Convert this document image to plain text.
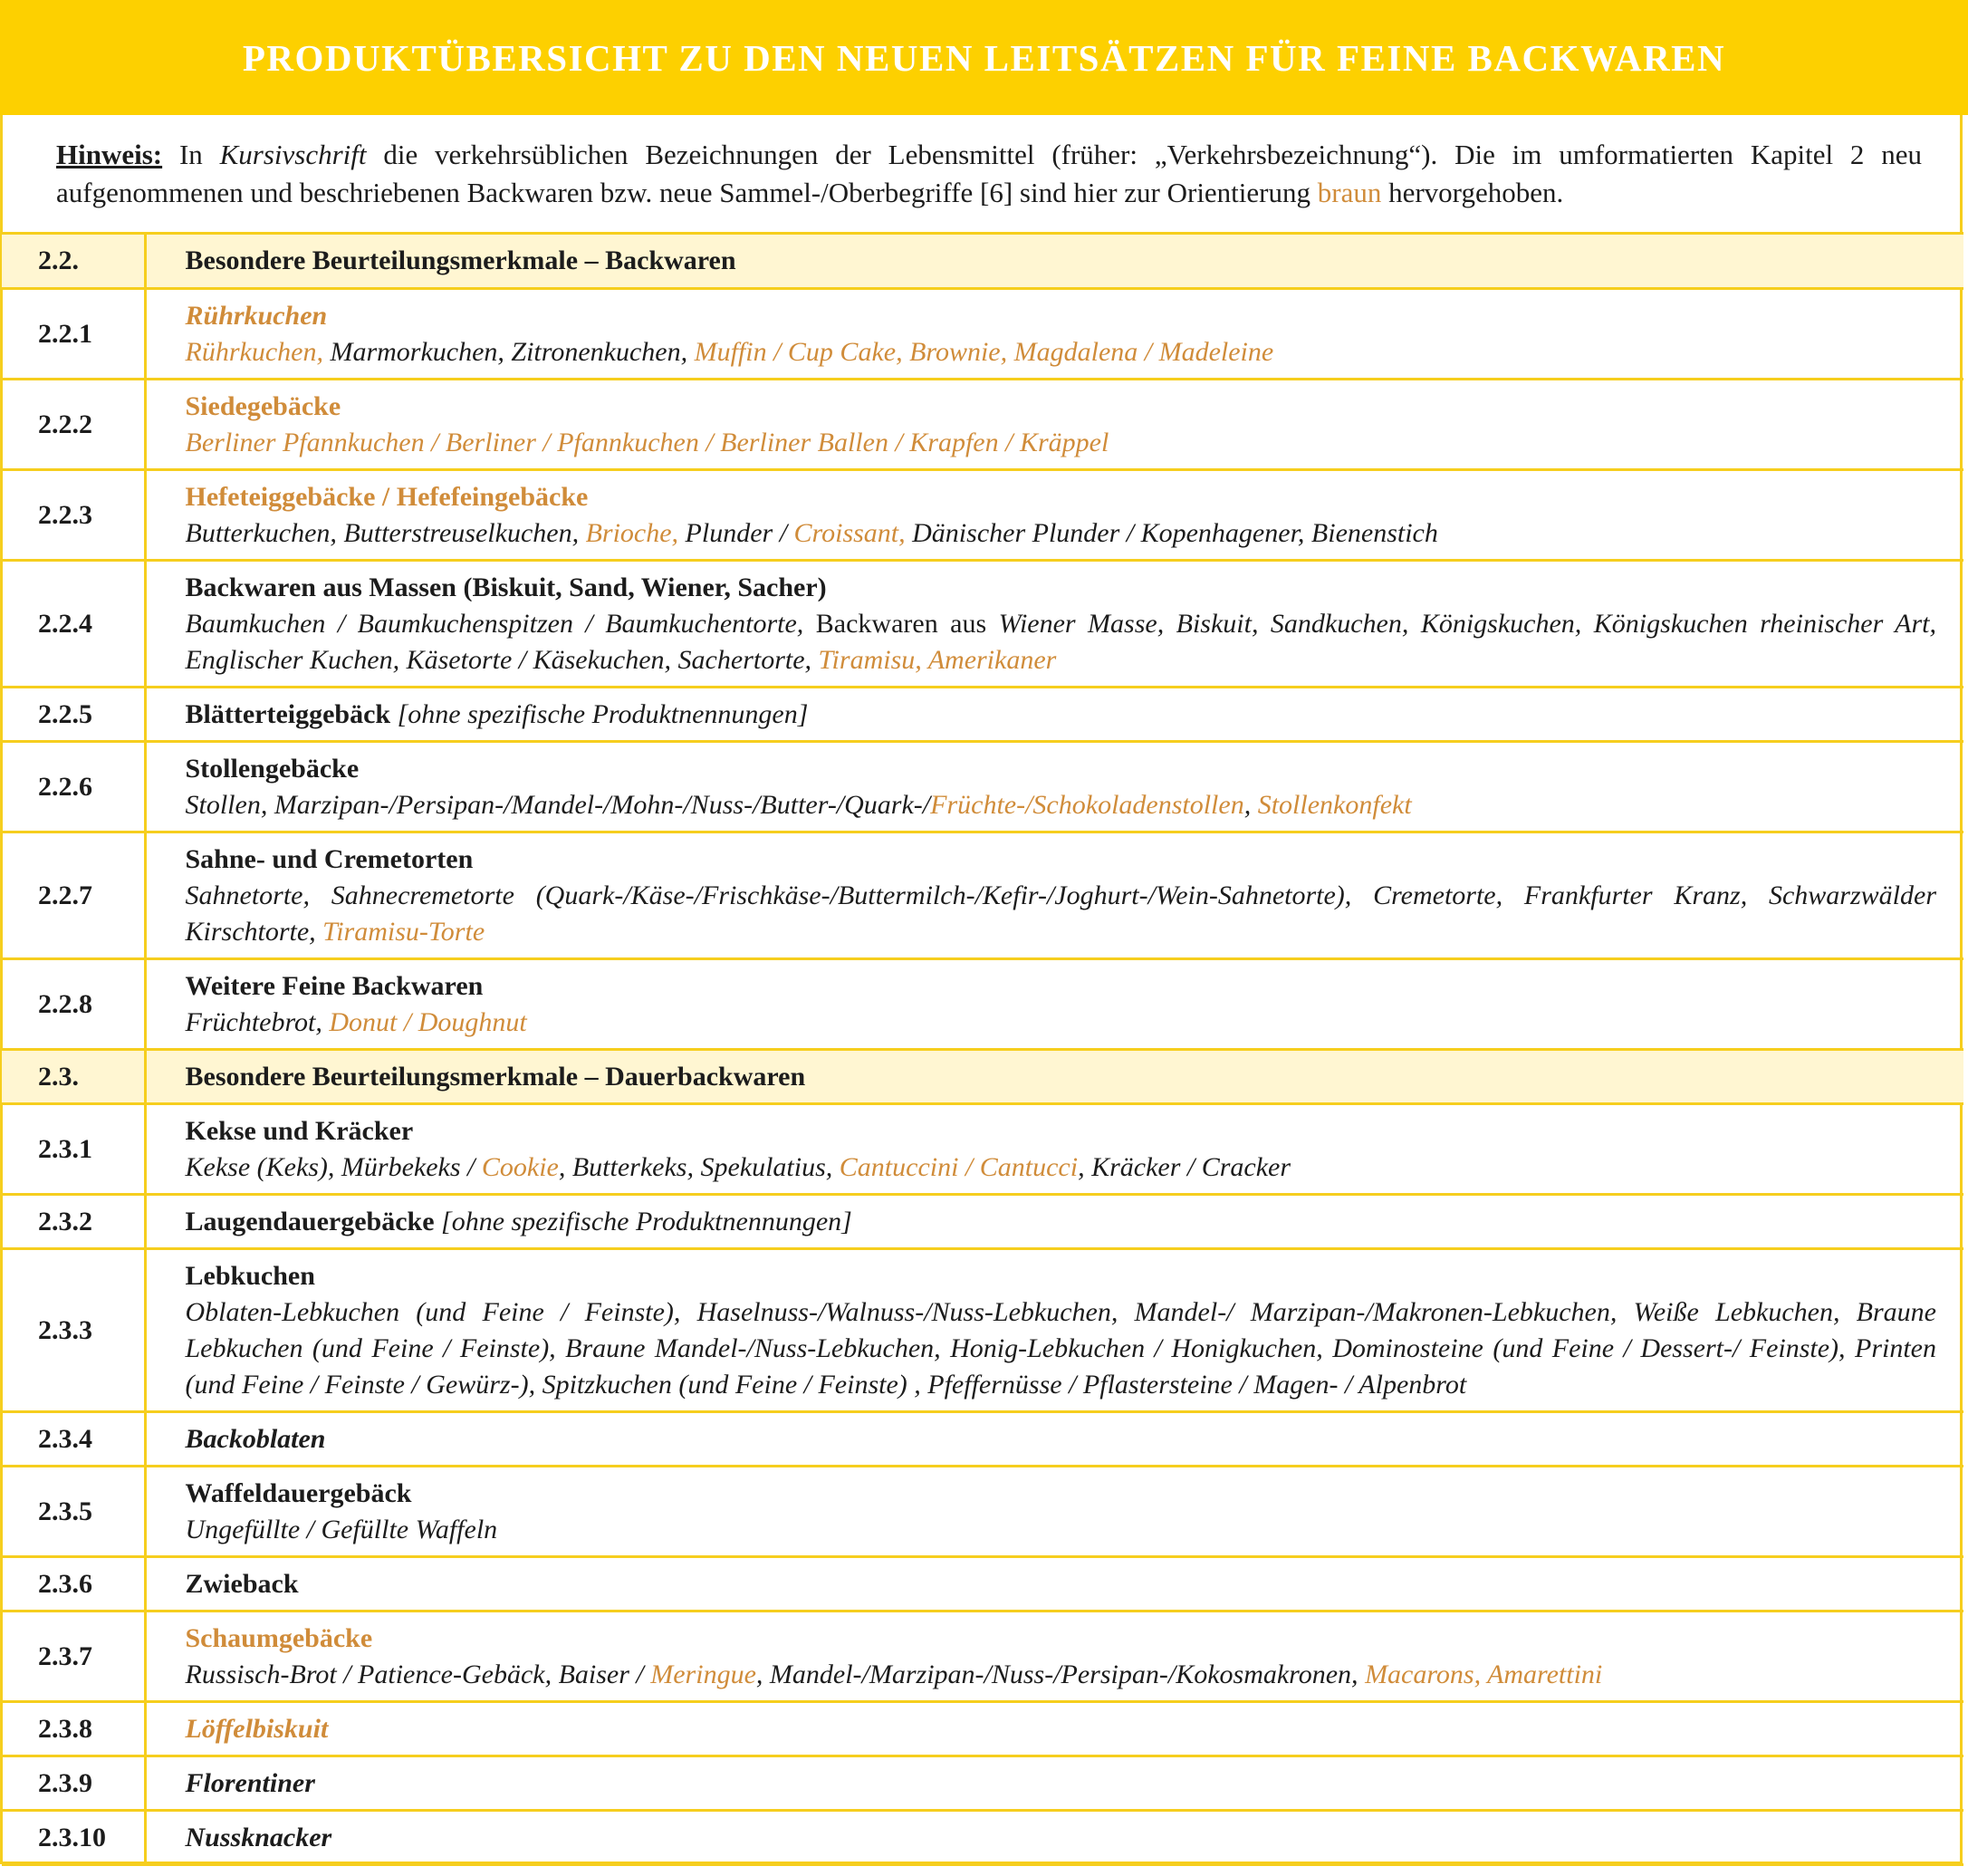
PRODUKTÜBERSICHT ZU DEN NEUEN LEITSÄTZEN FÜR FEINE BACKWAREN
Hinweis: In Kursivschrift die verkehrsüblichen Bezeichnungen der Lebensmittel (früher: „Verkehrsbezeichnung“). Die im umformatierten Kapitel 2 neu aufgenommenen und beschriebenen Backwaren bzw. neue Sammel-/Oberbegriffe [6] sind hier zur Orientierung braun hervorgehoben.
2.2.	Besondere Beurteilungsmerkmale – Backwaren

2.2.1	Rührkuchen
Rührkuchen, Marmorkuchen, Zitronenkuchen, Muffin / Cup Cake, Brownie, Magdalena / Madeleine

2.2.2	Siedegebäcke
Berliner Pfannkuchen / Berliner / Pfannkuchen / Berliner Ballen / Krapfen / Kräppel

2.2.3	Hefeteiggebäcke / Hefefeingebäcke
Butterkuchen, Butterstreuselkuchen, Brioche, Plunder / Croissant, Dänischer Plunder / Kopenhagener, Bienenstich

2.2.4	Backwaren aus Massen (Biskuit, Sand, Wiener, Sacher)
Baumkuchen / Baumkuchenspitzen / Baumkuchentorte, Backwaren aus Wiener Masse, Biskuit, Sandkuchen, Königskuchen, Königskuchen rheinischer Art, Englischer Kuchen, Käsetorte / Käsekuchen, Sachertorte, Tiramisu, Amerikaner

2.2.5	Blätterteiggebäck [ohne spezifische Produktnennungen]

2.2.6	Stollengebäcke
Stollen, Marzipan-/Persipan-/Mandel-/Mohn-/Nuss-/Butter-/Quark-/Früchte-/Schokoladenstollen, Stollenkonfekt

2.2.7	Sahne- und Cremetorten
Sahnetorte, Sahnecremetorte (Quark-/Käse-/Frischkäse-/Buttermilch-/Kefir-/Joghurt-/Wein-Sahnetorte), Cremetorte, Frankfurter Kranz, Schwarzwälder Kirschtorte, Tiramisu-Torte

2.2.8	Weitere Feine Backwaren
Früchtebrot, Donut / Doughnut

2.3.	Besondere Beurteilungsmerkmale – Dauerbackwaren

2.3.1	Kekse und Kräcker
Kekse (Keks), Mürbekeks / Cookie, Butterkeks, Spekulatius, Cantuccini / Cantucci, Kräcker / Cracker

2.3.2	Laugendauergebäcke [ohne spezifische Produktnennungen]

2.3.3	Lebkuchen
Oblaten-Lebkuchen (und Feine / Feinste), Haselnuss-/Walnuss-/Nuss-Lebkuchen, Mandel-/ Marzipan-/Makronen-Lebkuchen, Weiße Lebkuchen, Braune Lebkuchen (und Feine / Feinste), Braune Mandel-/Nuss-Lebkuchen, Honig-Lebkuchen / Honigkuchen, Dominosteine (und Feine / Dessert-/ Feinste), Printen (und Feine / Feinste / Gewürz-), Spitzkuchen (und Feine / Feinste) , Pfeffernüsse / Pflastersteine / Magen- / Alpenbrot

2.3.4	Backoblaten

2.3.5	Waffeldauergebäck
Ungefüllte / Gefüllte Waffeln

2.3.6	Zwieback

2.3.7	Schaumgebäcke
Russisch-Brot / Patience-Gebäck, Baiser / Meringue, Mandel-/Marzipan-/Nuss-/Persipan-/Kokosmakronen, Macarons, Amarettini

2.3.8	Löffelbiskuit

2.3.9	Florentiner

2.3.10	Nussknacker
